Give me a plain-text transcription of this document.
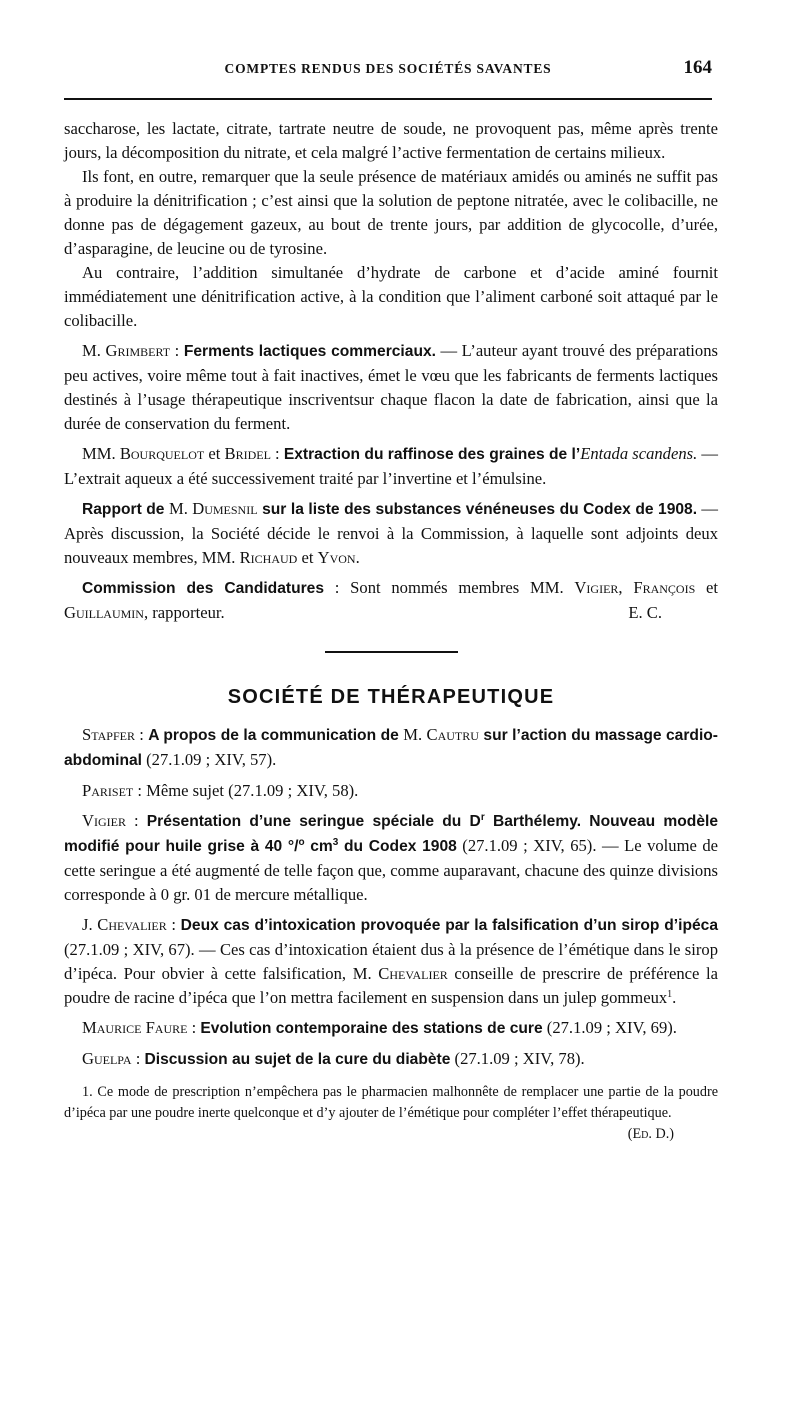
COMPTES RENDUS DES SOCIÉTÉS SAVANTES	164

saccharose, les lactate, citrate, tartrate neutre de soude, ne provoquent pas, même après trente jours, la décomposition du nitrate, et cela malgré l’active fermentation de certains milieux.

Ils font, en outre, remarquer que la seule présence de matériaux amidés ou aminés ne suffit pas à produire la dénitrification ; c’est ainsi que la solution de peptone nitratée, avec le colibacille, ne donne pas de dégagement gazeux, au bout de trente jours, par addition de glycocolle, d’urée, d’asparagine, de leucine ou de tyrosine.

Au contraire, l’addition simultanée d’hydrate de carbone et d’acide aminé fournit immédiatement une dénitrification active, à la condition que l’aliment carboné soit attaqué par le colibacille.

M. Grimbert : Ferments lactiques commerciaux. — L’auteur ayant trouvé des préparations peu actives, voire même tout à fait inactives, émet le vœu que les fabricants de ferments lactiques destinés à l’usage thérapeutique inscriventsur chaque flacon la date de fabrication, ainsi que la durée de conservation du ferment.

MM. Bourquelot et Bridel : Extraction du raffinose des graines de l’Entada scandens. — L’extrait aqueux a été successivement traité par l’invertine et l’émulsine.

Rapport de M. Dumesnil sur la liste des substances vénéneuses du Codex de 1908. — Après discussion, la Société décide le renvoi à la Commission, à laquelle sont adjoints deux nouveaux membres, MM. Richaud et Yvon.

Commission des Candidatures : Sont nommés membres MM. Vigier, François et Guillaumin, rapporteur.	E. C.

SOCIÉTÉ DE THÉRAPEUTIQUE

Stapfer : A propos de la communication de M. Cautru sur l’action du massage cardio-abdominal (27.1.09 ; XIV, 57).

Pariset : Même sujet (27.1.09 ; XIV, 58).

Vigier : Présentation d’une seringue spéciale du $D^r$ Barthélemy. Nouveau modèle modifié pour huile grise à 40 °/$^o$ $cm^3$ du Codex 1908 (27.1.09 ; XIV, 65). — Le volume de cette seringue a été augmenté de telle façon que, comme auparavant, chacune des quinze divisions corresponde à 0 gr. 01 de mercure métallique.

J. Chevalier : Deux cas d’intoxication provoquée par la falsification d’un sirop d’ipéca (27.1.09 ; XIV, 67). — Ces cas d’intoxication étaient dus à la présence de l’émétique dans le sirop d’ipéca. Pour obvier à cette falsification, M. Chevalier conseille de prescrire de préférence la poudre de racine d’ipéca que l’on mettra facilement en suspension dans un julep gommeux$^1$.

Maurice Faure : Evolution contemporaine des stations de cure (27.1.09 ; XIV, 69).

Guelpa : Discussion au sujet de la cure du diabète (27.1.09 ; XIV, 78).

1. Ce mode de prescription n’empêchera pas le pharmacien malhonnête de remplacer une partie de la poudre d’ipéca par une poudre inerte quelconque et d’y ajouter de l’émétique pour compléter l’effet thérapeutique.
(Ed. D.)
